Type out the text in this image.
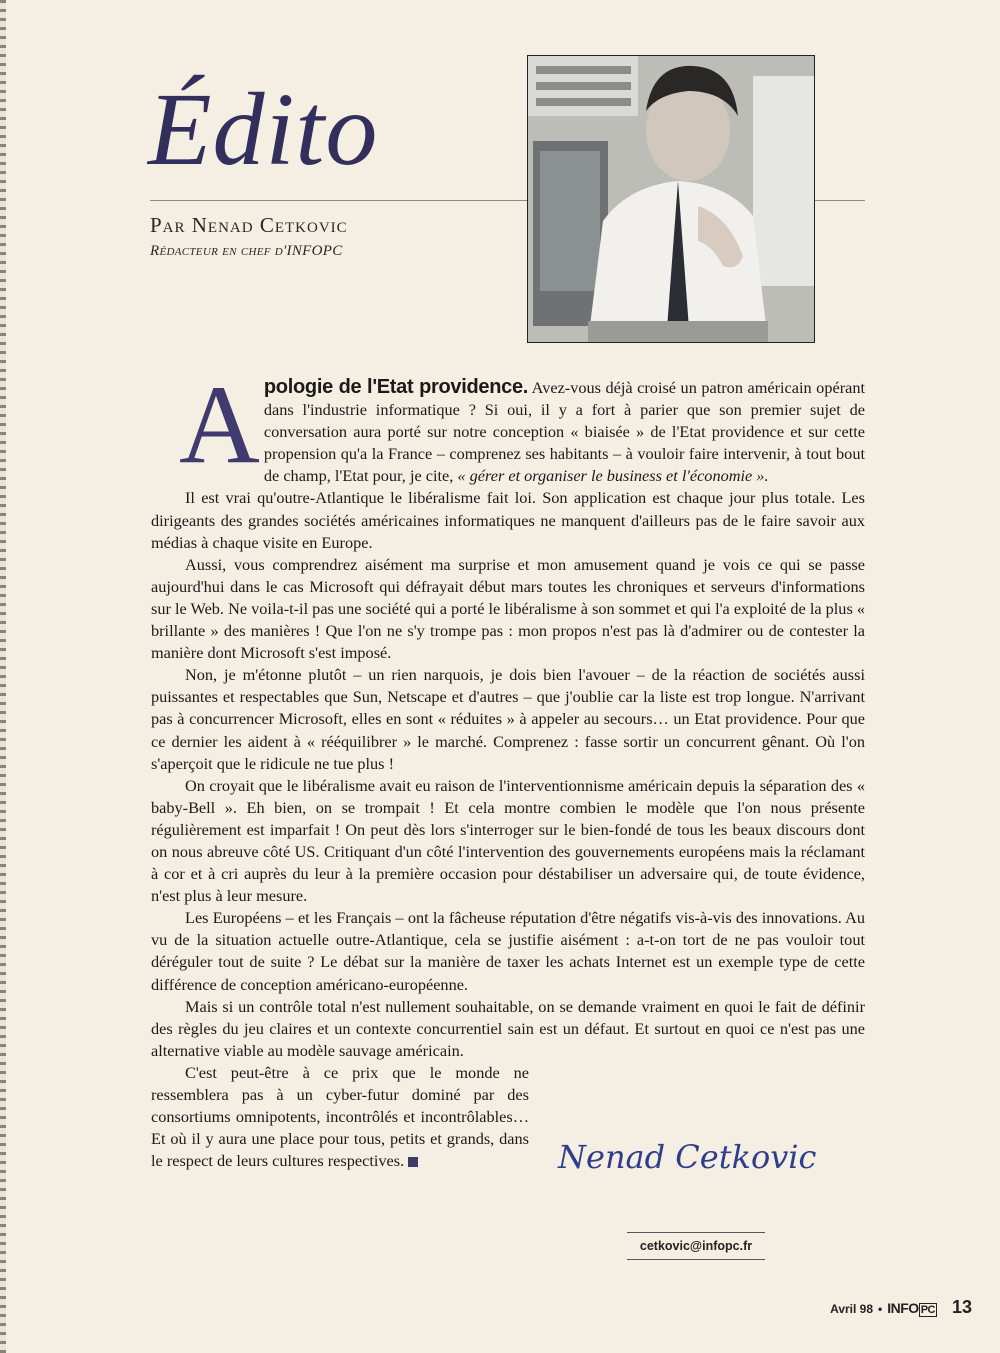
Édito

Par Nenad Cetkovic

Rédacteur en chef d'INFOPC

A pologie de l'Etat providence. Avez-vous déjà croisé un patron américain opérant dans l'industrie informatique ? Si oui, il y a fort à parier que son premier sujet de conversation aura porté sur notre conception « biaisée » de l'Etat providence et sur cette propension qu'a la France – comprenez ses habitants – à vouloir faire intervenir, à tout bout de champ, l'Etat pour, je cite, « gérer et organiser le business et l'économie ».

Il est vrai qu'outre-Atlantique le libéralisme fait loi. Son application est chaque jour plus totale. Les dirigeants des grandes sociétés américaines informatiques ne manquent d'ailleurs pas de le faire savoir aux médias à chaque visite en Europe.

Aussi, vous comprendrez aisément ma surprise et mon amusement quand je vois ce qui se passe aujourd'hui dans le cas Microsoft qui défrayait début mars toutes les chroniques et serveurs d'informations sur le Web. Ne voila-t-il pas une société qui a porté le libéralisme à son sommet et qui l'a exploité de la plus « brillante » des manières ! Que l'on ne s'y trompe pas : mon propos n'est pas là d'admirer ou de contester la manière dont Microsoft s'est imposé.

Non, je m'étonne plutôt – un rien narquois, je dois bien l'avouer – de la réaction de sociétés aussi puissantes et respectables que Sun, Netscape et d'autres – que j'oublie car la liste est trop longue. N'arrivant pas à concurrencer Microsoft, elles en sont « réduites » à appeler au secours… un Etat providence. Pour que ce dernier les aident à « rééquilibrer » le marché. Comprenez : fasse sortir un concurrent gênant. Où l'on s'aperçoit que le ridicule ne tue plus !

On croyait que le libéralisme avait eu raison de l'interventionnisme américain depuis la séparation des « baby-Bell ». Eh bien, on se trompait ! Et cela montre combien le modèle que l'on nous présente régulièrement est imparfait ! On peut dès lors s'interroger sur le bien-fondé de tous les beaux discours dont on nous abreuve côté US. Critiquant d'un côté l'intervention des gouvernements européens mais la réclamant à cor et à cri auprès du leur à la première occasion pour déstabiliser un adversaire qui, de toute évidence, n'est plus à leur mesure.

Les Européens – et les Français – ont la fâcheuse réputation d'être négatifs vis-à-vis des innovations. Au vu de la situation actuelle outre-Atlantique, cela se justifie aisément : a-t-on tort de ne pas vouloir tout déréguler tout de suite ? Le débat sur la manière de taxer les achats Internet est un exemple type de cette différence de conception américano-européenne.

Mais si un contrôle total n'est nullement souhaitable, on se demande vraiment en quoi le fait de définir des règles du jeu claires et un contexte concurrentiel sain est un défaut. Et surtout en quoi ce n'est pas une alternative viable au modèle sauvage américain.

C'est peut-être à ce prix que le monde ne ressemblera pas à un cyber-futur dominé par des consortiums omnipotents, incontrôlés et incontrôlables… Et où il y aura une place pour tous, petits et grands, dans le respect de leurs cultures respectives.	Nenad Cetkovic
cetkovic@infopc.fr
Avril 98 • INFO PC 13
